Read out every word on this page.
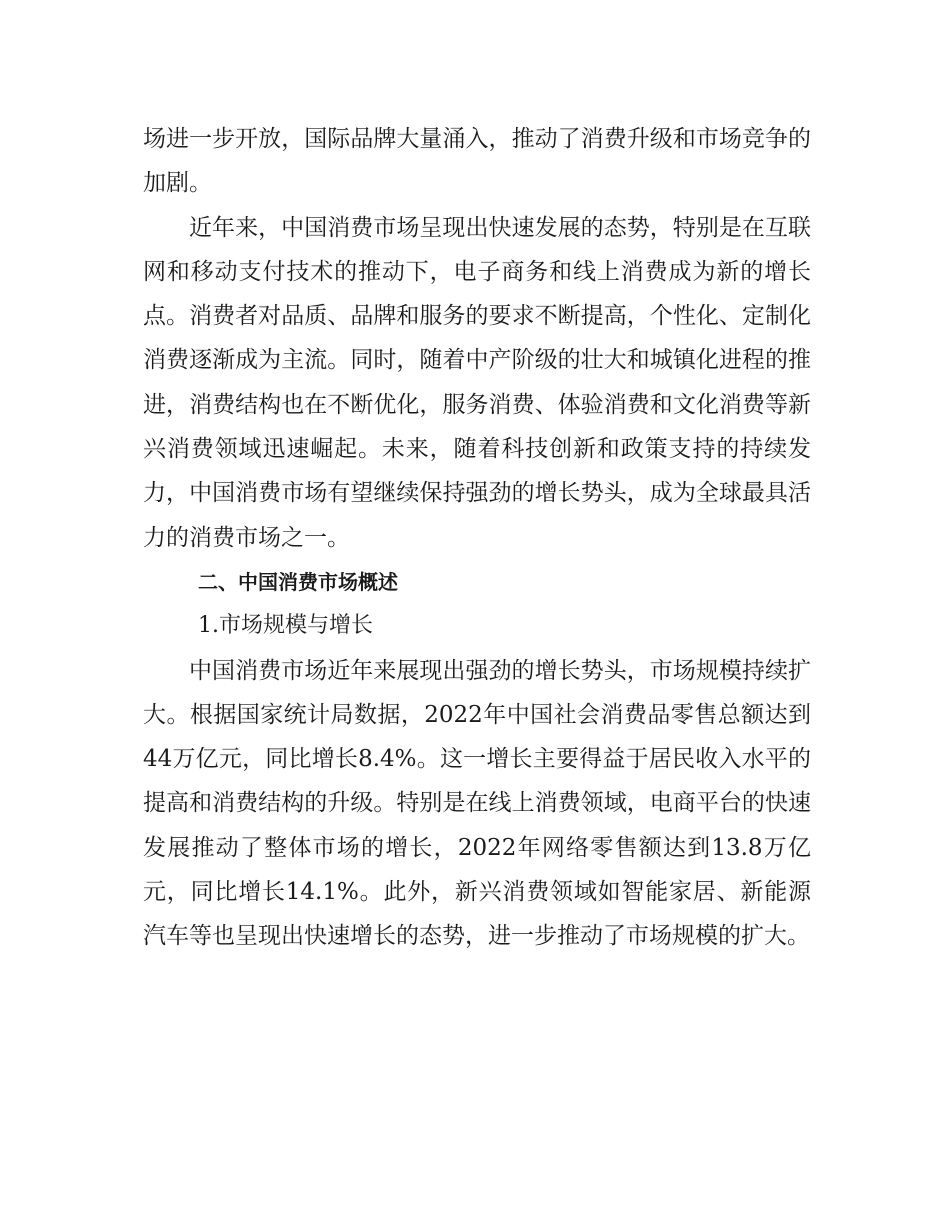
场进一步开放，国际品牌大量涌入，推动了消费升级和市场竞争的加剧。

近年来，中国消费市场呈现出快速发展的态势，特别是在互联网和移动支付技术的推动下，电子商务和线上消费成为新的增长点。消费者对品质、品牌和服务的要求不断提高，个性化、定制化消费逐渐成为主流。同时，随着中产阶级的壮大和城镇化进程的推进，消费结构也在不断优化，服务消费、体验消费和文化消费等新兴消费领域迅速崛起。未来，随着科技创新和政策支持的持续发力，中国消费市场有望继续保持强劲的增长势头，成为全球最具活力的消费市场之一。

二、中国消费市场概述
1.市场规模与增长

中国消费市场近年来展现出强劲的增长势头，市场规模持续扩大。根据国家统计局数据，2022年中国社会消费品零售总额达到44万亿元，同比增长8.4%。这一增长主要得益于居民收入水平的提高和消费结构的升级。特别是在线上消费领域，电商平台的快速发展推动了整体市场的增长，2022年网络零售额达到13.8万亿元，同比增长14.1%。此外，新兴消费领域如智能家居、新能源汽车等也呈现出快速增长的态势，进一步推动了市场规模的扩大。
